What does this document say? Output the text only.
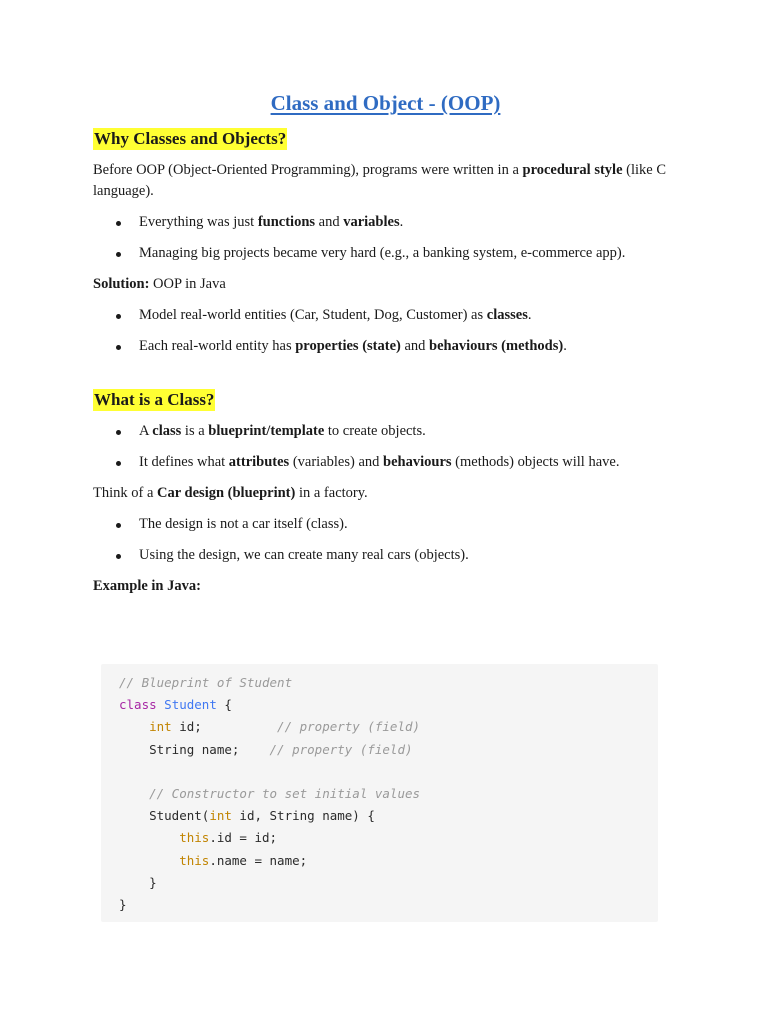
Class and Object - (OOP)
Why Classes and Objects?

Before OOP (Object-Oriented Programming), programs were written in a procedural style (like C language).

Everything was just functions and variables.
Managing big projects became very hard (e.g., a banking system, e-commerce app).

Solution: OOP in Java

Model real-world entities (Car, Student, Dog, Customer) as classes.
Each real-world entity has properties (state) and behaviours (methods).
What is a Class?
A class is a blueprint/template to create objects.
It defines what attributes (variables) and behaviours (methods) objects will have.

Think of a Car design (blueprint) in a factory.

The design is not a car itself (class).
Using the design, we can create many real cars (objects).

Example in Java:

// Blueprint of Student
class Student {
int id;          // property (field)
String name;    // property (field)
// Constructor to set initial values
Student(int id, String name) {
this.id = id;
this.name = name;
}
}
